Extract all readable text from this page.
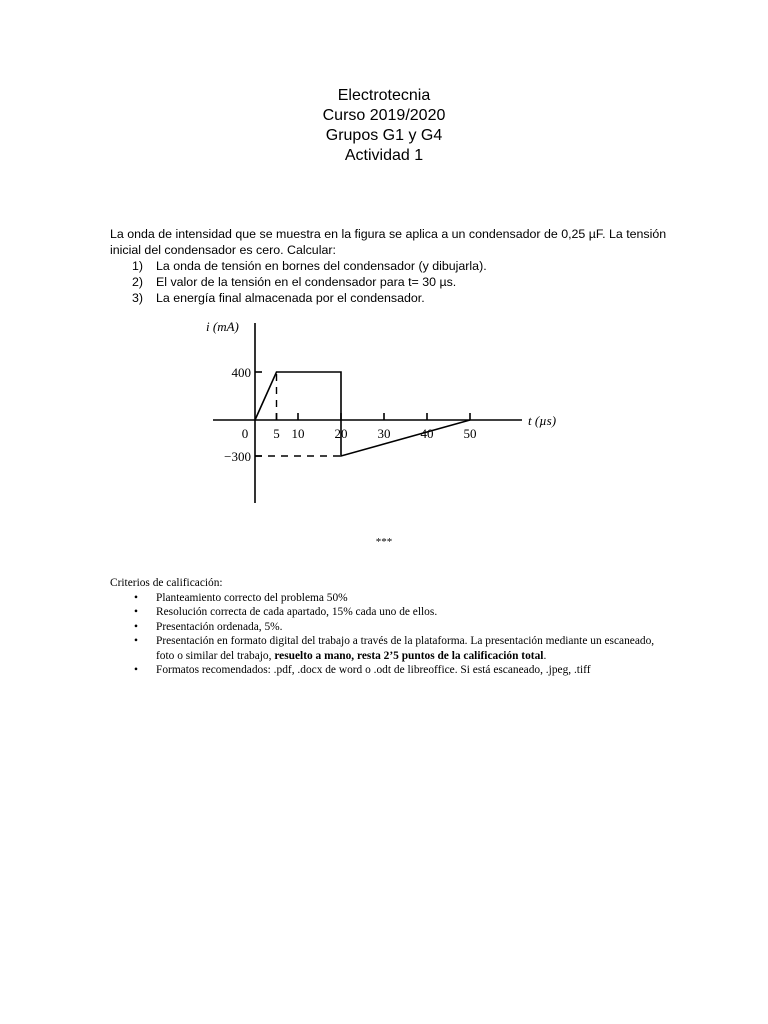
Electrotecnia
Curso 2019/2020
Grupos G1 y G4
Actividad 1

La onda de intensidad que se muestra en la figura se aplica a un condensador de 0,25 µF. La tensión inicial del condensador es cero. Calcular:

1) La onda de tensión en bornes del condensador (y dibujarla).
2) El valor de la tensión en el condensador para t= 30 µs.
3) La energía final almacenada por el condensador.
0 5 10 20 30 40 50
400
−300
i (mA)
t (µs)
***

Criterios de calificación:

• Planteamiento correcto del problema 50%
• Resolución correcta de cada apartado, 15% cada uno de ellos.
• Presentación ordenada, 5%.
• Presentación en formato digital del trabajo a través de la plataforma. La presentación mediante un escaneado, foto o similar del trabajo, resuelto a mano, resta 2’5 puntos de la calificación total.
• Formatos recomendados: .pdf, .docx de word o .odt de libreoffice. Si está escaneado, .jpeg, .tiff
